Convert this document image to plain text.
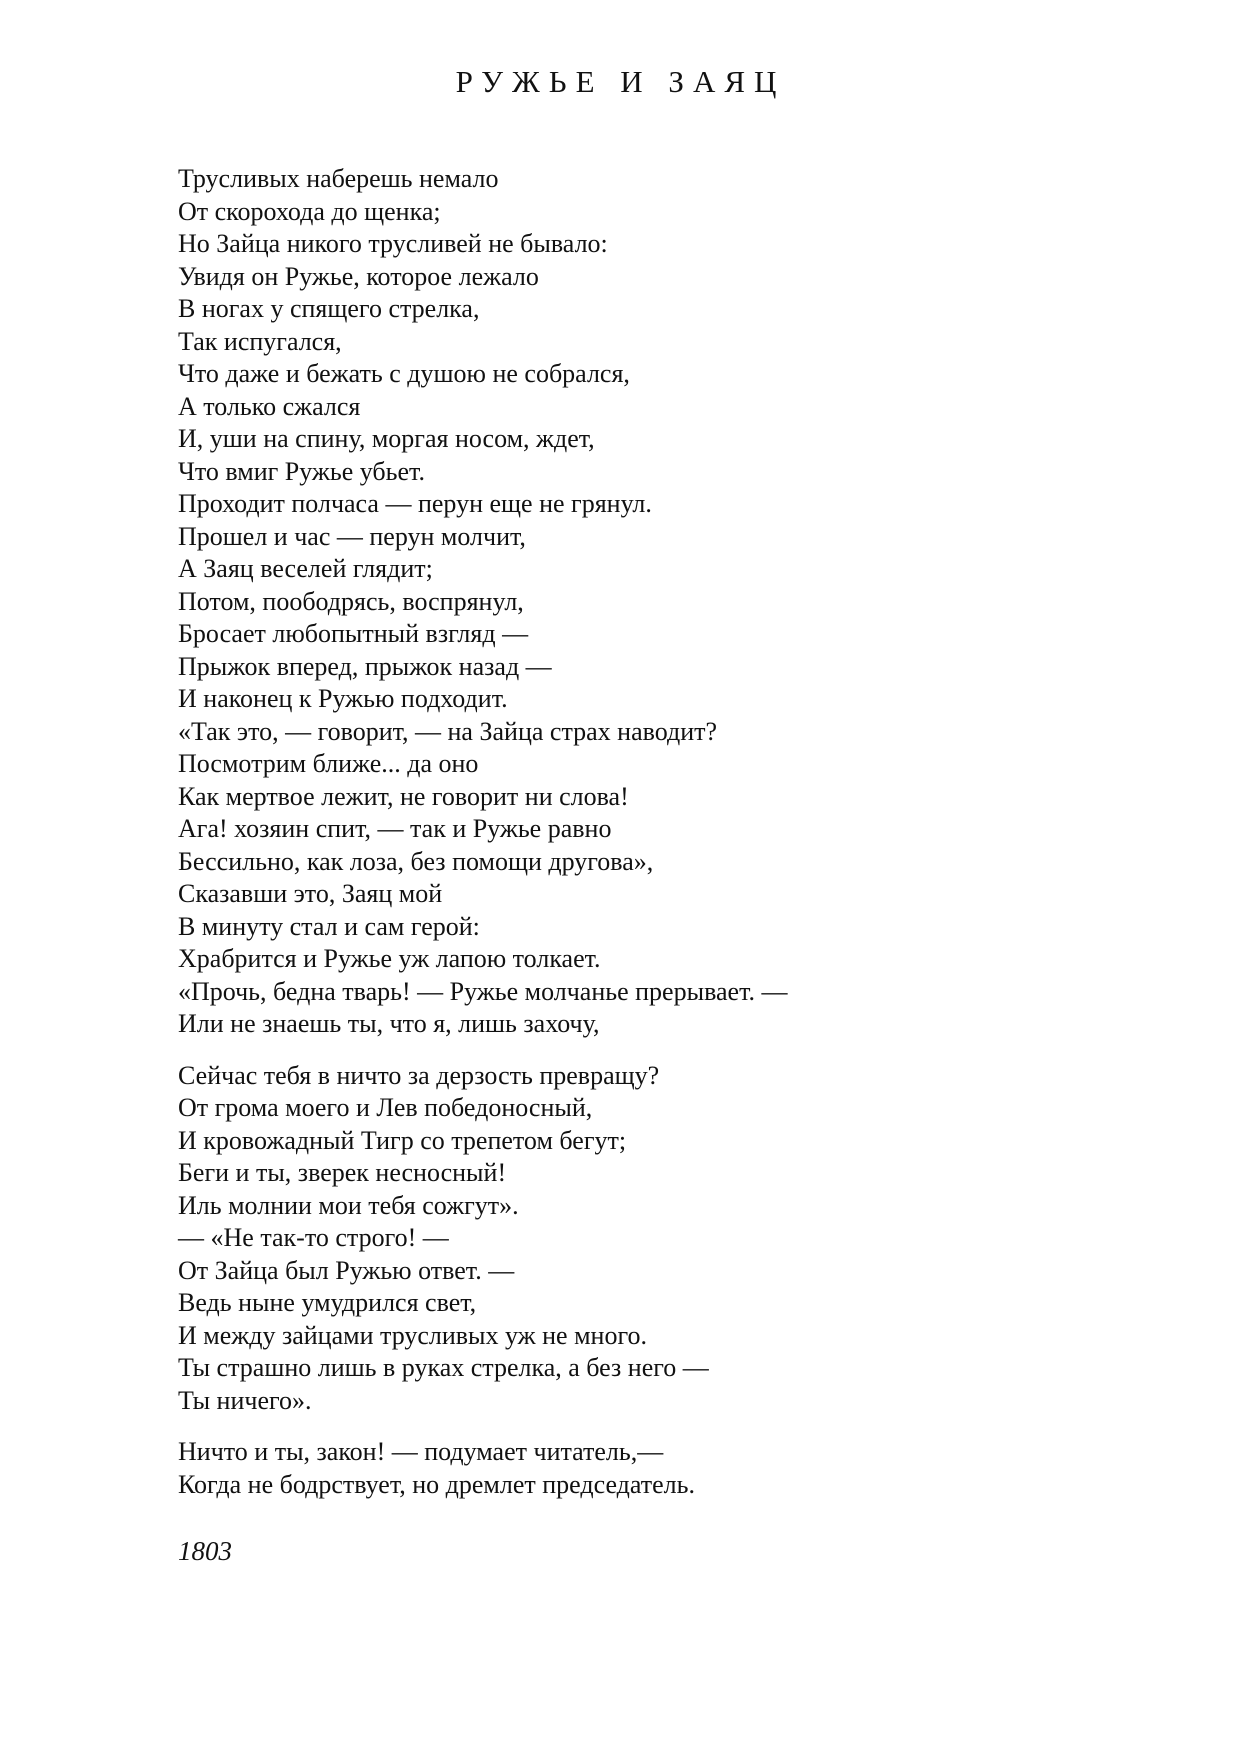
РУЖЬЕ И ЗАЯЦ
Трусливых наберешь немало
От скорохода до щенка;
Но Зайца никого трусливей не бывало:
Увидя он Ружье, которое лежало
В ногах у спящего стрелка,
Так испугался,
Что даже и бежать с душою не собрался,
А только сжался
И, уши на спину, моргая носом, ждет,
Что вмиг Ружье убьет.
Проходит полчаса — перун еще не грянул.
Прошел и час — перун молчит,
А Заяц веселей глядит;
Потом, поободрясь, воспрянул,
Бросает любопытный взгляд —
Прыжок вперед, прыжок назад —
И наконец к Ружью подходит.
«Так это, — говорит, — на Зайца страх наводит?
Посмотрим ближе... да оно
Как мертвое лежит, не говорит ни слова!
Ага! хозяин спит, — так и Ружье равно
Бессильно, как лоза, без помощи другова»,
Сказавши это, Заяц мой
В минуту стал и сам герой:
Храбрится и Ружье уж лапою толкает.
«Прочь, бедна тварь! — Ружье молчанье прерывает. —
Или не знаешь ты, что я, лишь захочу,
Сейчас тебя в ничто за дерзость превращу?
От грома моего и Лев победоносный,
И кровожадный Тигр со трепетом бегут;
Беги и ты, зверек несносный!
Иль молнии мои тебя сожгут».
— «Не так-то строго! —
От Зайца был Ружью ответ. —
Ведь ныне умудрился свет,
И между зайцами трусливых уж не много.
Ты страшно лишь в руках стрелка, а без него —
Ты ничего».
Ничто и ты, закон! — подумает читатель,—
Когда не бодрствует, но дремлет председатель.
1803
